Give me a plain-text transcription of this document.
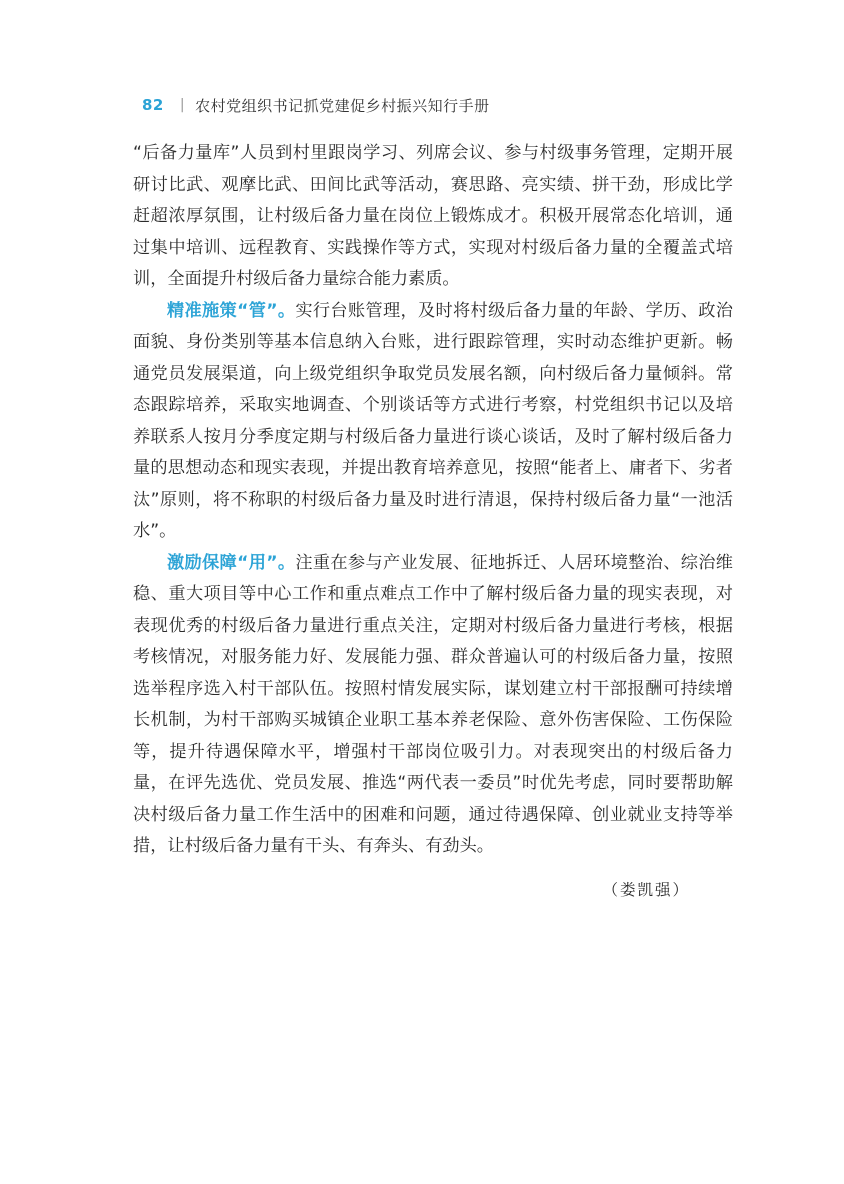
82 | 农村党组织书记抓党建促乡村振兴知行手册

“后备力量库”人员到村里跟岗学习、列席会议、参与村级事务管理，定期开展研讨比武、观摩比武、田间比武等活动，赛思路、亮实绩、拼干劲，形成比学赶超浓厚氛围，让村级后备力量在岗位上锻炼成才。积极开展常态化培训，通过集中培训、远程教育、实践操作等方式，实现对村级后备力量的全覆盖式培训，全面提升村级后备力量综合能力素质。

精准施策“管”。实行台账管理，及时将村级后备力量的年龄、学历、政治面貌、身份类别等基本信息纳入台账，进行跟踪管理，实时动态维护更新。畅通党员发展渠道，向上级党组织争取党员发展名额，向村级后备力量倾斜。常态跟踪培养，采取实地调查、个别谈话等方式进行考察，村党组织书记以及培养联系人按月分季度定期与村级后备力量进行谈心谈话，及时了解村级后备力量的思想动态和现实表现，并提出教育培养意见，按照“能者上、庸者下、劣者汰”原则，将不称职的村级后备力量及时进行清退，保持村级后备力量“一池活水”。

激励保障“用”。注重在参与产业发展、征地拆迁、人居环境整治、综治维稳、重大项目等中心工作和重点难点工作中了解村级后备力量的现实表现，对表现优秀的村级后备力量进行重点关注，定期对村级后备力量进行考核，根据考核情况，对服务能力好、发展能力强、群众普遍认可的村级后备力量，按照选举程序选入村干部队伍。按照村情发展实际，谋划建立村干部报酬可持续增长机制，为村干部购买城镇企业职工基本养老保险、意外伤害保险、工伤保险等，提升待遇保障水平，增强村干部岗位吸引力。对表现突出的村级后备力量，在评先选优、党员发展、推选“两代表一委员”时优先考虑，同时要帮助解决村级后备力量工作生活中的困难和问题，通过待遇保障、创业就业支持等举措，让村级后备力量有干头、有奔头、有劲头。

（娄凯强）
